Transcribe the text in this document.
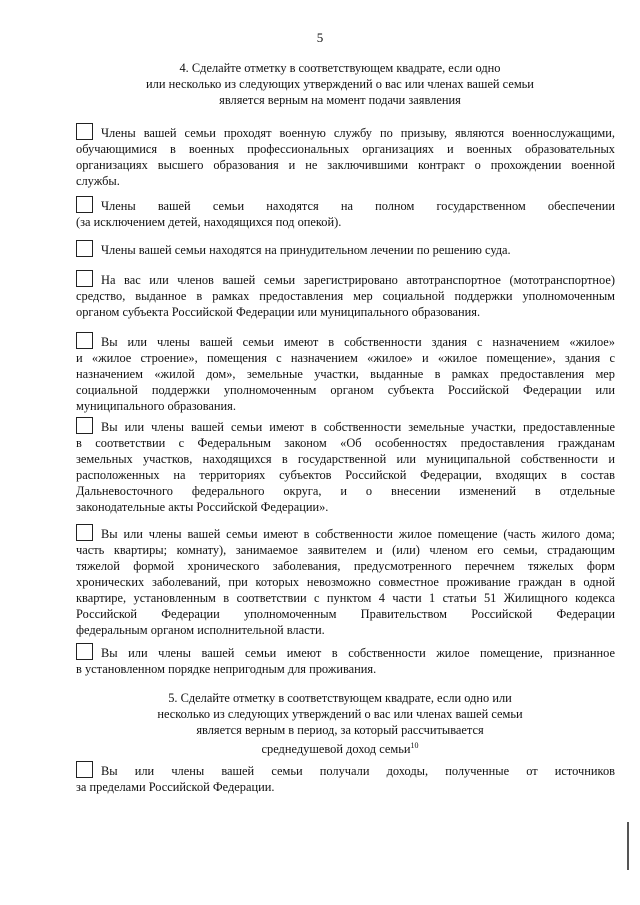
5
4. Сделайте отметку в соответствующем квадрате, если одно
или несколько из следующих утверждений о вас или членах вашей семьи
является верным на момент подачи заявления
Члены вашей семьи проходят военную службу по призыву, являются военнослужащими,
обучающимися в военных профессиональных организациях и военных образовательных
организациях высшего образования и не заключившими контракт о прохождении военной
службы.
Члены вашей семьи находятся на полном государственном обеспечении
(за исключением детей, находящихся под опекой).
Члены вашей семьи находятся на принудительном лечении по решению суда.
На вас или членов вашей семьи зарегистрировано автотранспортное (мототранспортное)
средство, выданное в рамках предоставления мер социальной поддержки уполномоченным
органом субъекта Российской Федерации или муниципального образования.
Вы или члены вашей семьи имеют в собственности здания с назначением «жилое»
и «жилое строение», помещения с назначением «жилое» и «жилое помещение», здания с
назначением «жилой дом», земельные участки, выданные в рамках предоставления мер
социальной поддержки уполномоченным органом субъекта Российской Федерации или
муниципального образования.
Вы или члены вашей семьи имеют в собственности земельные участки, предоставленные
в соответствии с Федеральным законом «Об особенностях предоставления гражданам
земельных участков, находящихся в государственной или муниципальной собственности и
расположенных на территориях субъектов Российской Федерации, входящих в состав
Дальневосточного федерального округа, и о внесении изменений в отдельные
законодательные акты Российской Федерации».
Вы или члены вашей семьи имеют в собственности жилое помещение (часть жилого дома;
часть квартиры; комнату), занимаемое заявителем и (или) членом его семьи, страдающим
тяжелой формой хронического заболевания, предусмотренного перечнем тяжелых форм
хронических заболеваний, при которых невозможно совместное проживание граждан в одной
квартире, установленным в соответствии с пунктом 4 части 1 статьи 51 Жилищного кодекса
Российской Федерации уполномоченным Правительством Российской Федерации
федеральным органом исполнительной власти.
Вы или члены вашей семьи имеют в собственности жилое помещение, признанное
в установленном порядке непригодным для проживания.
5. Сделайте отметку в соответствующем квадрате, если одно или
несколько из следующих утверждений о вас или членах вашей семьи
является верным в период, за который рассчитывается
среднедушевой доход семьи$^{10}$
Вы или члены вашей семьи получали доходы, полученные от источников
за пределами Российской Федерации.
